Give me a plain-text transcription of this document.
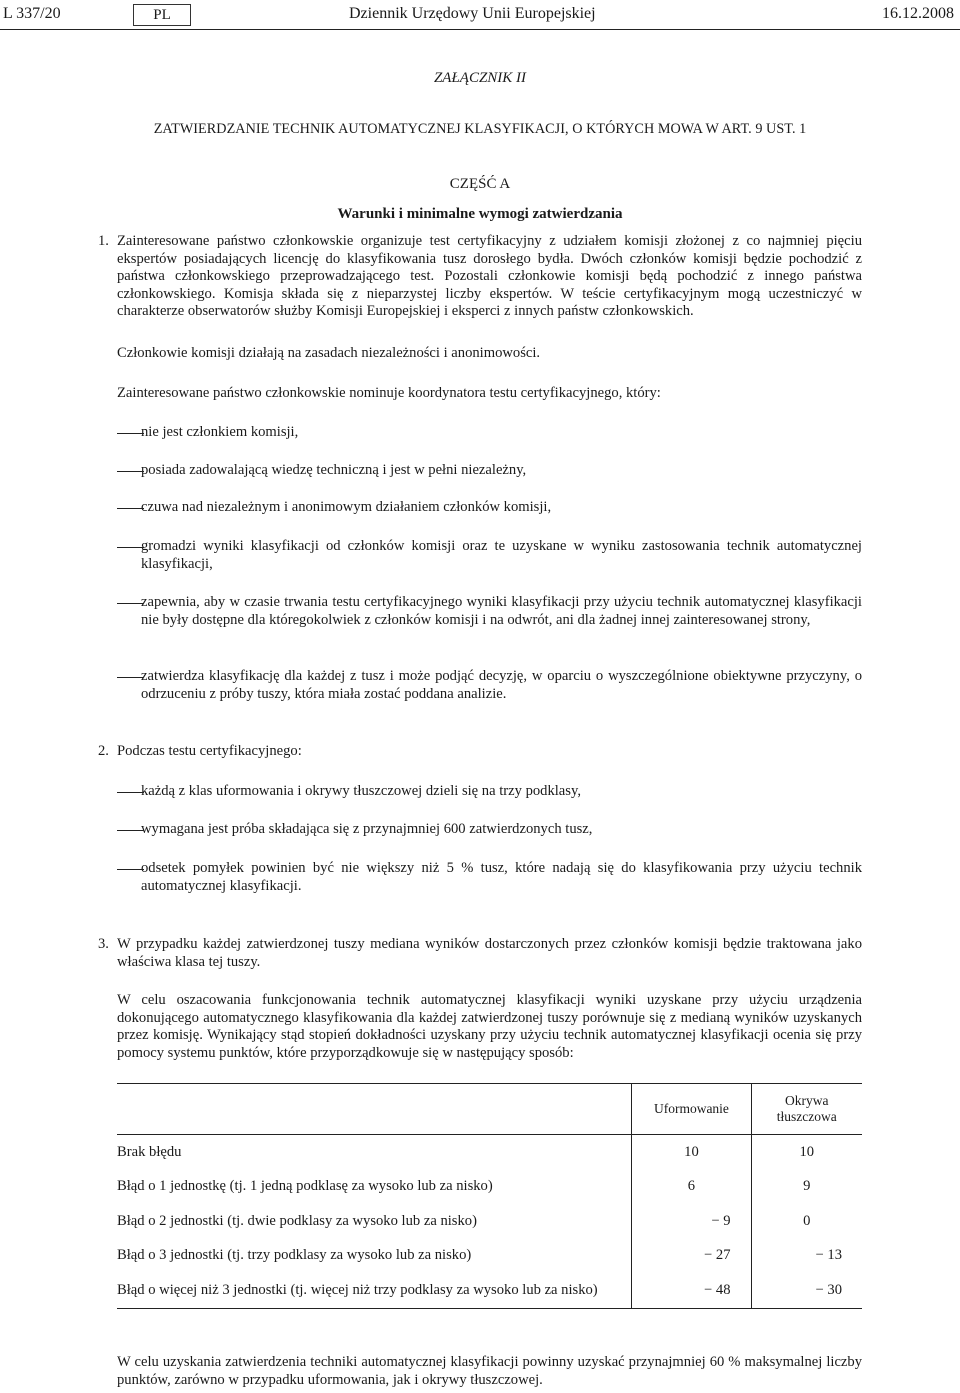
L 337/20	PL	Dziennik Urzędowy Unii Europejskiej	16.12.2008
ZAŁĄCZNIK II
ZATWIERDZANIE TECHNIK AUTOMATYCZNEJ KLASYFIKACJI, O KTÓRYCH MOWA W ART. 9 UST. 1
CZĘŚĆ A
Warunki i minimalne wymogi zatwierdzania
1. Zainteresowane państwo członkowskie organizuje test certyfikacyjny z udziałem komisji złożonej z co najmniej pięciu ekspertów posiadających licencję do klasyfikowania tusz dorosłego bydła. Dwóch członków komisji będzie pochodzić z państwa członkowskiego przeprowadzającego test. Pozostali członkowie komisji będą pochodzić z innego państwa członkowskiego. Komisja składa się z nieparzystej liczby ekspertów. W teście certyfikacyjnym mogą uczestniczyć w charakterze obserwatorów służby Komisji Europejskiej i eksperci z innych państw członkowskich.

Członkowie komisji działają na zasadach niezależności i anonimowości.

Zainteresowane państwo członkowskie nominuje koordynatora testu certyfikacyjnego, który:

nie jest członkiem komisji,

posiada zadowalającą wiedzę techniczną i jest w pełni niezależny,

czuwa nad niezależnym i anonimowym działaniem członków komisji,

gromadzi wyniki klasyfikacji od członków komisji oraz te uzyskane w wyniku zastosowania technik automatycznej klasyfikacji,

zapewnia, aby w czasie trwania testu certyfikacyjnego wyniki klasyfikacji przy użyciu technik automatycznej klasyfikacji nie były dostępne dla któregokolwiek z członków komisji i na odwrót, ani dla żadnej innej zainteresowanej strony,

zatwierdza klasyfikację dla każdej z tusz i może podjąć decyzję, w oparciu o wyszczególnione obiektywne przyczyny, o odrzuceniu z próby tuszy, która miała zostać poddana analizie.

2. Podczas testu certyfikacyjnego:

każdą z klas uformowania i okrywy tłuszczowej dzieli się na trzy podklasy,

wymagana jest próba składająca się z przynajmniej 600 zatwierdzonych tusz,

odsetek pomyłek powinien być nie większy niż 5 % tusz, które nadają się do klasyfikowania przy użyciu technik automatycznej klasyfikacji.

3. W przypadku każdej zatwierdzonej tuszy mediana wyników dostarczonych przez członków komisji będzie traktowana jako właściwa klasa tej tuszy.

W celu oszacowania funkcjonowania technik automatycznej klasyfikacji wyniki uzyskane przy użyciu urządzenia dokonującego automatycznego klasyfikowania dla każdej zatwierdzonej tuszy porównuje się z medianą wyników uzyskanych przez komisję. Wynikający stąd stopień dokładności uzyskany przy użyciu technik automatycznej klasyfikacji ocenia się przy pomocy systemu punktów, które przyporządkowuje się w następujący sposób:

	Uformowanie	Okrywa tłuszczowa
Brak błędu	10	10
Błąd o 1 jednostkę (tj. 1 jedną podklasę za wysoko lub za nisko)	6	9
Błąd o 2 jednostki (tj. dwie podklasy za wysoko lub za nisko)	− 9	0
Błąd o 3 jednostki (tj. trzy podklasy za wysoko lub za nisko)	− 27	− 13
Błąd o więcej niż 3 jednostki (tj. więcej niż trzy podklasy za wysoko lub za nisko)	− 48	− 30

W celu uzyskania zatwierdzenia techniki automatycznej klasyfikacji powinny uzyskać przynajmniej 60 % maksymalnej liczby punktów, zarówno w przypadku uformowania, jak i okrywy tłuszczowej.
